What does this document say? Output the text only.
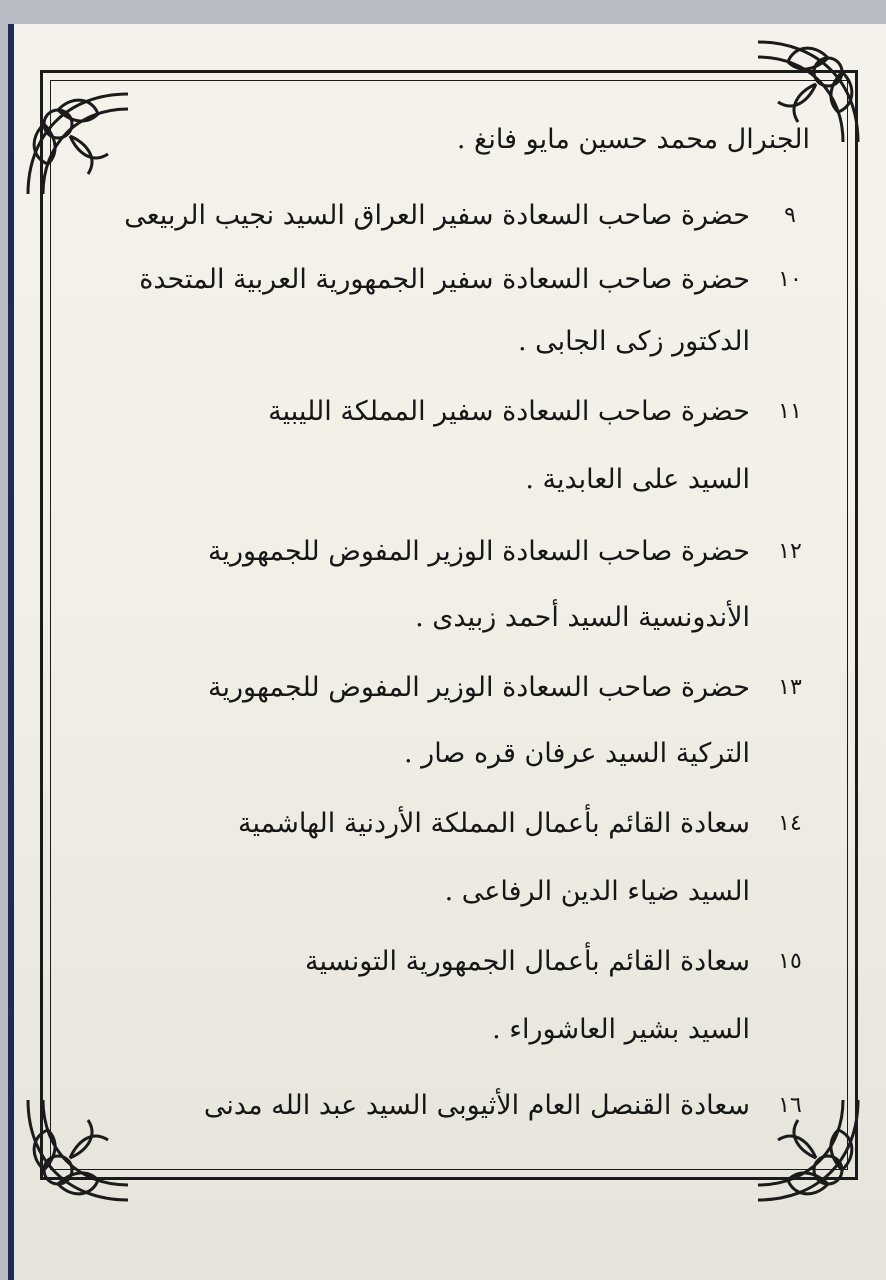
الجنرال محمد حسين مايو فانغ .
٩
حضرة صاحب السعادة سفير العراق السيد نجيب الربيعى
١٠
حضرة صاحب السعادة سفير الجمهورية العربية المتحدة
الدكتور زكى الجابى .
١١
حضرة صاحب السعادة سفير المملكة الليبية
السيد على العابدية .
١٢
حضرة صاحب السعادة الوزير المفوض للجمهورية
الأندونسية السيد أحمد زبيدى .
١٣
حضرة صاحب السعادة الوزير المفوض للجمهورية
التركية السيد عرفان قره صار .
١٤
سعادة القائم بأعمال المملكة الأردنية الهاشمية
السيد ضياء الدين الرفاعى .
١٥
سعادة القائم بأعمال الجمهورية التونسية
السيد بشير العاشوراء .
١٦
سعادة القنصل العام الأثيوبى السيد عبد الله مدنى
